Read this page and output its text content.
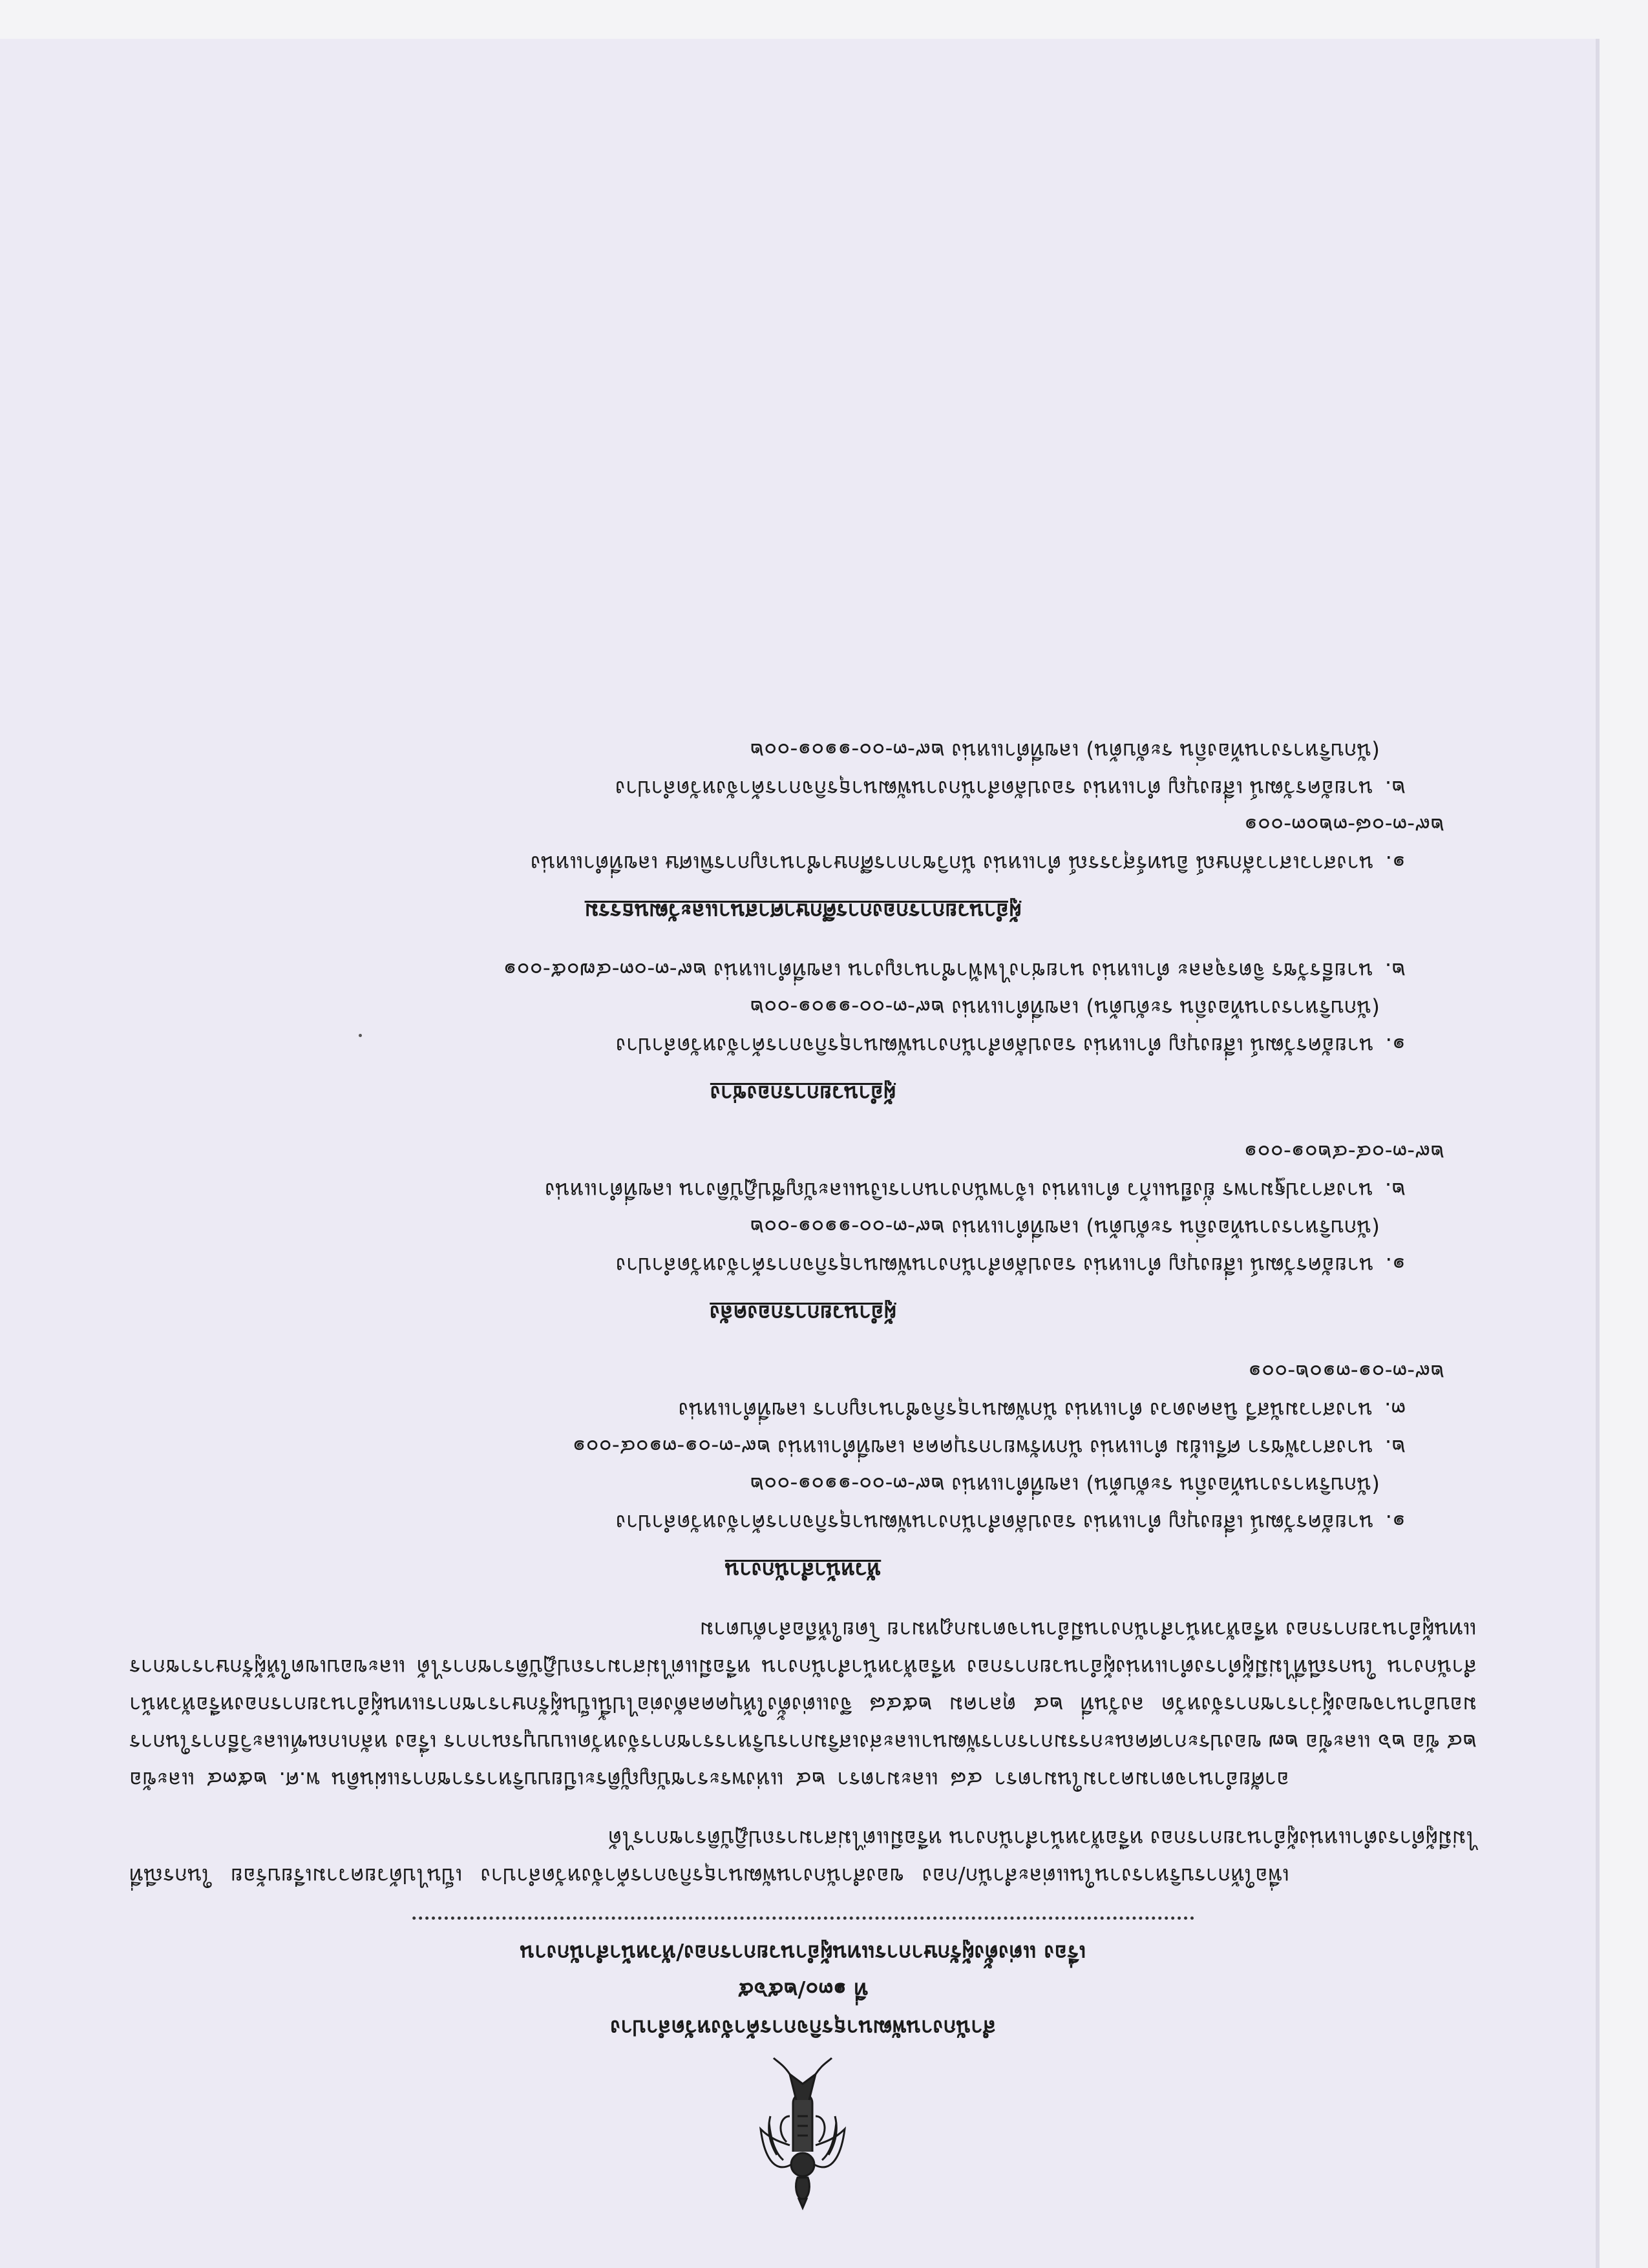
สำนักงานพัฒนาธุรกิจการค้าจังหวัดลำปาง
ที่ ๑๓๐/๒๕๖๕
เรื่อง แต่งตั้งผู้รักษาการแทนผู้อำนวยการกอง/หัวหน้าสำนักงาน

เพื่อให้การบริหารงานในแต่ละสำนัก/กอง ของสำนักงานพัฒนาธุรกิจการค้าจังหวัดลำปาง เป็นไปด้วยความเรียบร้อย ในกรณีที่ไม่มีผู้ดำรงตำแหน่งผู้อำนวยการกอง หรือหัวหน้าสำนักงาน หรือมีแต่ไม่สามารถปฏิบัติราชการได้

อาศัยอำนาจตามความในมาตรา ๔๘ และมาตรา ๒๔ แห่งพระราชบัญญัติระเบียบบริหารราชการแผ่นดิน พ.ศ. ๒๕๓๔ และข้อ ๒๔ ข้อ ๒๖ และข้อ ๒๗ ของประกาศคณะกรรมการการพัฒนาและส่งเสริมการบริหารราชการจังหวัดแบบบูรณาการ เรื่อง หลักเกณฑ์และวิธีการในการมอบอำนาจของผู้ว่าราชการจังหวัด ลงวันที่ ๒๔ ตุลาคม ๒๕๔๘ จึงแต่งตั้งให้บุคคลดังต่อไปนี้เป็นผู้รักษาราชการแทนผู้อำนวยการกองหรือหัวหน้าสำนักงาน ในกรณีที่ไม่มีผู้ดำรงตำแหน่งผู้อำนวยการกอง หรือหัวหน้าสำนักงาน หรือมีแต่ไม่สามารถปฏิบัติราชการได้ และขอบเขตให้ผู้รักษาราชการแทนผู้อำนวยการกอง หรือหัวหน้าสำนักงานมีอำนาจตามกฎหมาย โดยให้ถือลำดับตาม

หัวหน้าสำนักงาน
๑.นายอัครวัฒน์ เสี่ยงบุญ ตำแหน่ง รองปลัดสำนักงานพัฒนาธุรกิจการค้าจังหวัดลำปาง
(นักบริหารงานท้องถิ่น ระดับต้น) เลขที่ตำแหน่ง ๒๙-๓-๐๐-๑๑๐๑-๐๐๒
๒.นางสาวพัชรา ศรีแย้ม ตำแหน่ง นักทรัพยากรบุคคล เลขที่ตำแหน่ง ๒๙-๓-๐๑-๓๑๐๔-๐๐๑
๓.นางสาวมนัสวี นิลคงดวง ตำแหน่ง นักพัฒนาธุรกิจชำนาญการ เลขที่ตำแหน่ง
๒๙-๓-๐๑-๓๑๐๒-๐๐๑
ผู้อำนวยการกองคลัง
๑.นายอัครวัฒน์ เสี่ยงบุญ ตำแหน่ง รองปลัดสำนักงานพัฒนาธุรกิจการค้าจังหวัดลำปาง
(นักบริหารงานท้องถิ่น ระดับต้น) เลขที่ตำแหน่ง ๒๙-๓-๐๐-๑๑๐๑-๐๐๒
๒.นางสาวปฐมาพร ยั่งยืนแก้ว ตำแหน่ง เจ้าพนักงานการเงินและบัญชีปฏิบัติงาน เลขที่ตำแหน่ง
๒๙-๓-๐๔-๔๒๐๑-๐๐๑
ผู้อำนวยการกองช่าง
๑.นายอัครวัฒน์ เสี่ยงบุญ ตำแหน่ง รองปลัดสำนักงานพัฒนาธุรกิจการค้าจังหวัดลำปาง
(นักบริหารงานท้องถิ่น ระดับต้น) เลขที่ตำแหน่ง ๒๙-๓-๐๐-๑๑๐๑-๐๐๒
๒.นายธีรวัชร จิตรจุลละ ตำแหน่ง นายช่างไฟฟ้าชำนาญงาน เลขที่ตำแหน่ง ๒๙-๓-๐๓-๔๗๐๕-๐๐๑
ผู้อำนวยการกองการศึกษาศาสนาและวัฒนธรรม
๑.นางสาวเสาวลักษณ์ อินทร์สุวรรณ์ ตำแหน่ง นักวิชาการศึกษาชำนาญการพิเศษ เลขที่ตำแหน่ง
๒๙-๓-๐๘-๓๒๐๓-๐๐๑
๒.นายอัครวัฒน์ เสี่ยงบุญ ตำแหน่ง รองปลัดสำนักงานพัฒนาธุรกิจการค้าจังหวัดลำปาง
(นักบริหารงานท้องถิ่น ระดับต้น) เลขที่ตำแหน่ง ๒๙-๓-๐๐-๑๑๐๑-๐๐๒
